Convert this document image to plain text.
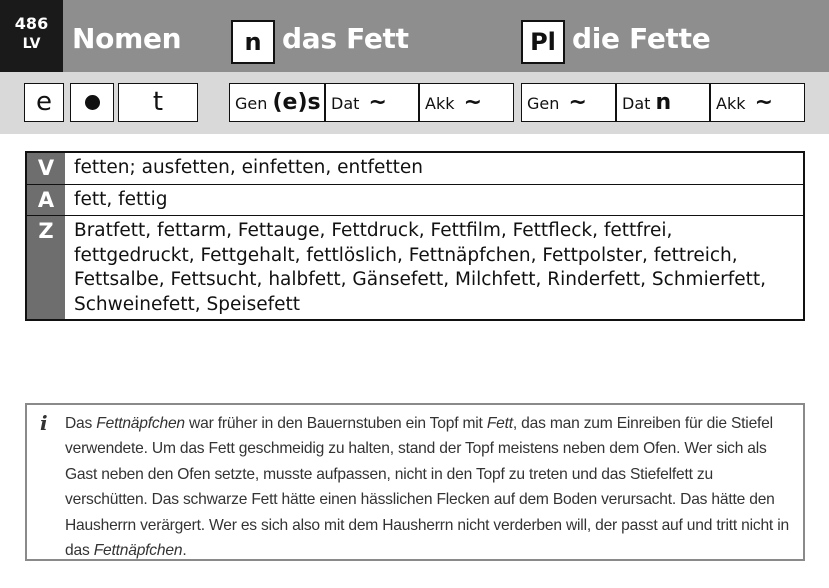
486
LV	Nomen	n das Fett	Pl die Fette
e	t	Gen (e)s Dat ~	Akk ~	Gen ~	Dat n	Akk ~
V	fetten; ausfetten, einfetten, entfetten
A	fett, fettig
Z	Bratfett, fettarm, Fettauge, Fettdruck, Fettfilm, Fettfleck, fettfrei, fettgedruckt, Fettgehalt, fettlöslich, Fettnäpfchen, Fettpolster, fettreich, Fettsalbe, Fettsucht, halbfett, Gänsefett, Milchfett, Rinderfett, Schmierfett, Schweinefett, Speisefett
i Das Fettnäpfchen war früher in den Bauernstuben ein Topf mit Fett, das man zum Einreiben für die Stiefel verwendete. Um das Fett geschmeidig zu halten, stand der Topf meistens neben dem Ofen. Wer sich als Gast neben den Ofen setzte, musste aufpassen, nicht in den Topf zu treten und das Stiefelfett zu verschütten. Das schwarze Fett hätte einen hässlichen Flecken auf dem Boden verursacht. Das hätte den Hausherrn verärgert. Wer es sich also mit dem Hausherrn nicht verderben will, der passt auf und tritt nicht in das Fettnäpfchen.
